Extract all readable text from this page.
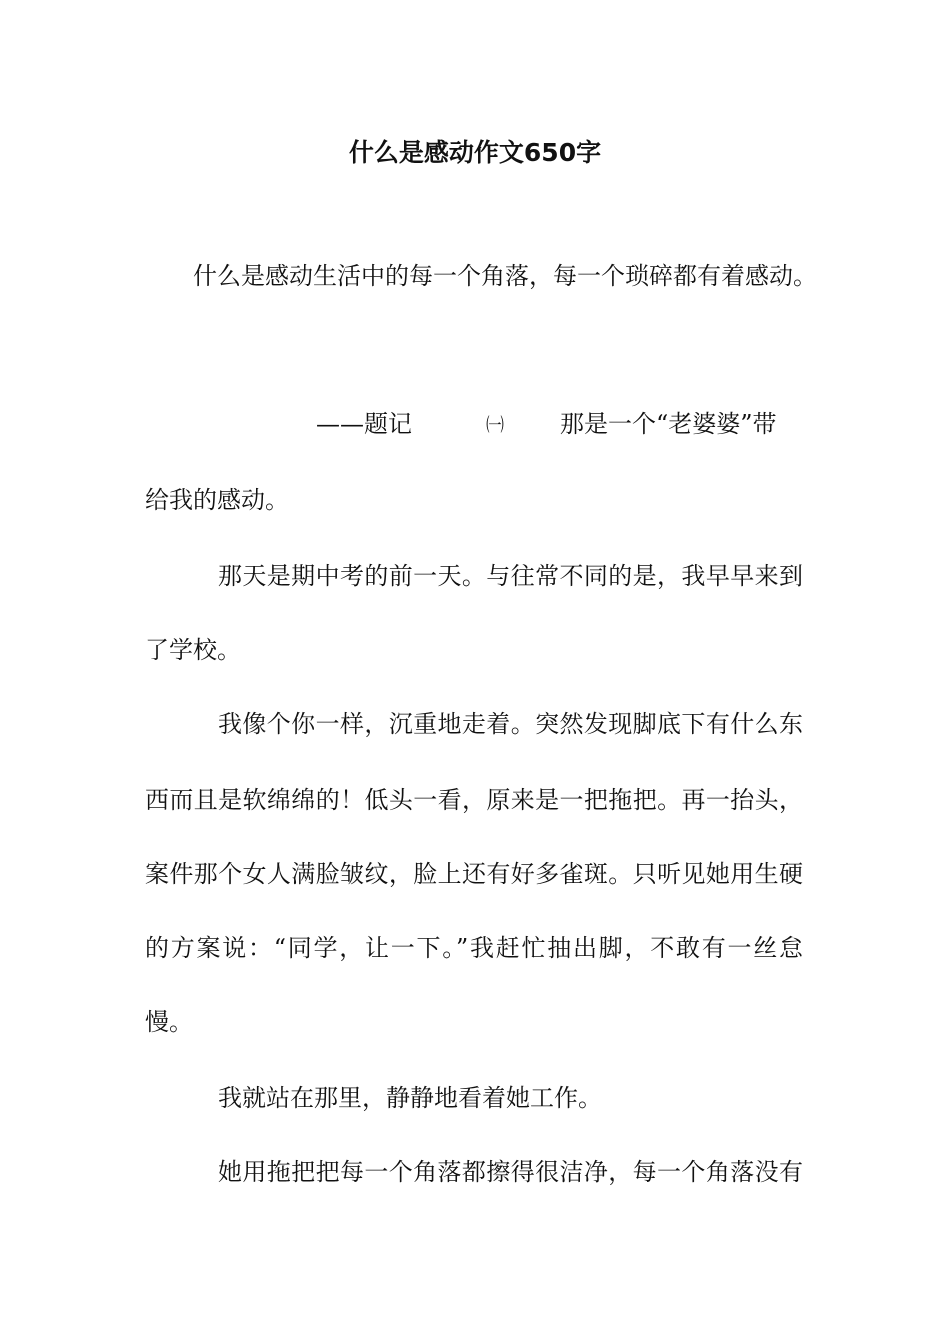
什么是感动作文650字

什么是感动生活中的每一个角落，每一个琐碎都有着感动。

——题记	㈠ 那是一个“老婆婆”带

给我的感动。

那天是期中考的前一天。与往常不同的是，我早早来到

了学校。

我像个你一样，沉重地走着。突然发现脚底下有什么东

西而且是软绵绵的！低头一看，原来是一把拖把。再一抬头，

案件那个女人满脸皱纹，脸上还有好多雀斑。只听见她用生硬

的方案说：“同学，让一下。”我赶忙抽出脚，不敢有一丝怠

慢。

我就站在那里，静静地看着她工作。

她用拖把把每一个角落都擦得很洁净，每一个角落没有
